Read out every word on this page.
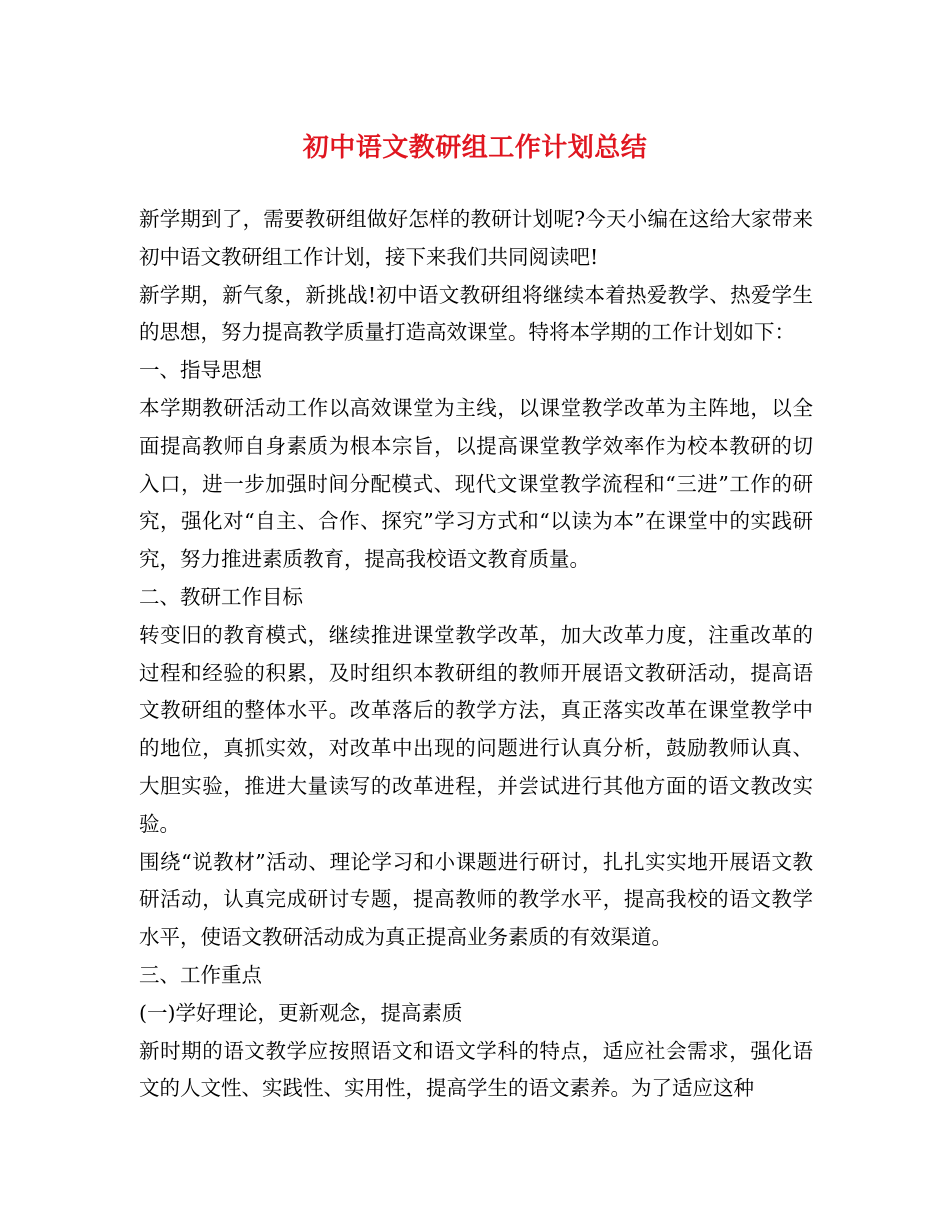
初中语文教研组工作计划总结

新学期到了，需要教研组做好怎样的教研计划呢?今天小编在这给大家带来初中语文教研组工作计划，接下来我们共同阅读吧!

新学期，新气象，新挑战!初中语文教研组将继续本着热爱教学、热爱学生的思想，努力提高教学质量打造高效课堂。特将本学期的工作计划如下：

一、指导思想

本学期教研活动工作以高效课堂为主线，以课堂教学改革为主阵地，以全面提高教师自身素质为根本宗旨，以提高课堂教学效率作为校本教研的切入口，进一步加强时间分配模式、现代文课堂教学流程和“三进”工作的研究，强化对“自主、合作、探究”学习方式和“以读为本”在课堂中的实践研究，努力推进素质教育，提高我校语文教育质量。

二、教研工作目标

转变旧的教育模式，继续推进课堂教学改革，加大改革力度，注重改革的过程和经验的积累，及时组织本教研组的教师开展语文教研活动，提高语文教研组的整体水平。改革落后的教学方法，真正落实改革在课堂教学中的地位，真抓实效，对改革中出现的问题进行认真分析，鼓励教师认真、大胆实验，推进大量读写的改革进程，并尝试进行其他方面的语文教改实验。

围绕“说教材”活动、理论学习和小课题进行研讨，扎扎实实地开展语文教研活动，认真完成研讨专题，提高教师的教学水平，提高我校的语文教学水平，使语文教研活动成为真正提高业务素质的有效渠道。

三、工作重点

(一)学好理论，更新观念，提高素质

新时期的语文教学应按照语文和语文学科的特点，适应社会需求，强化语文的人文性、实践性、实用性，提高学生的语文素养。为了适应这种
